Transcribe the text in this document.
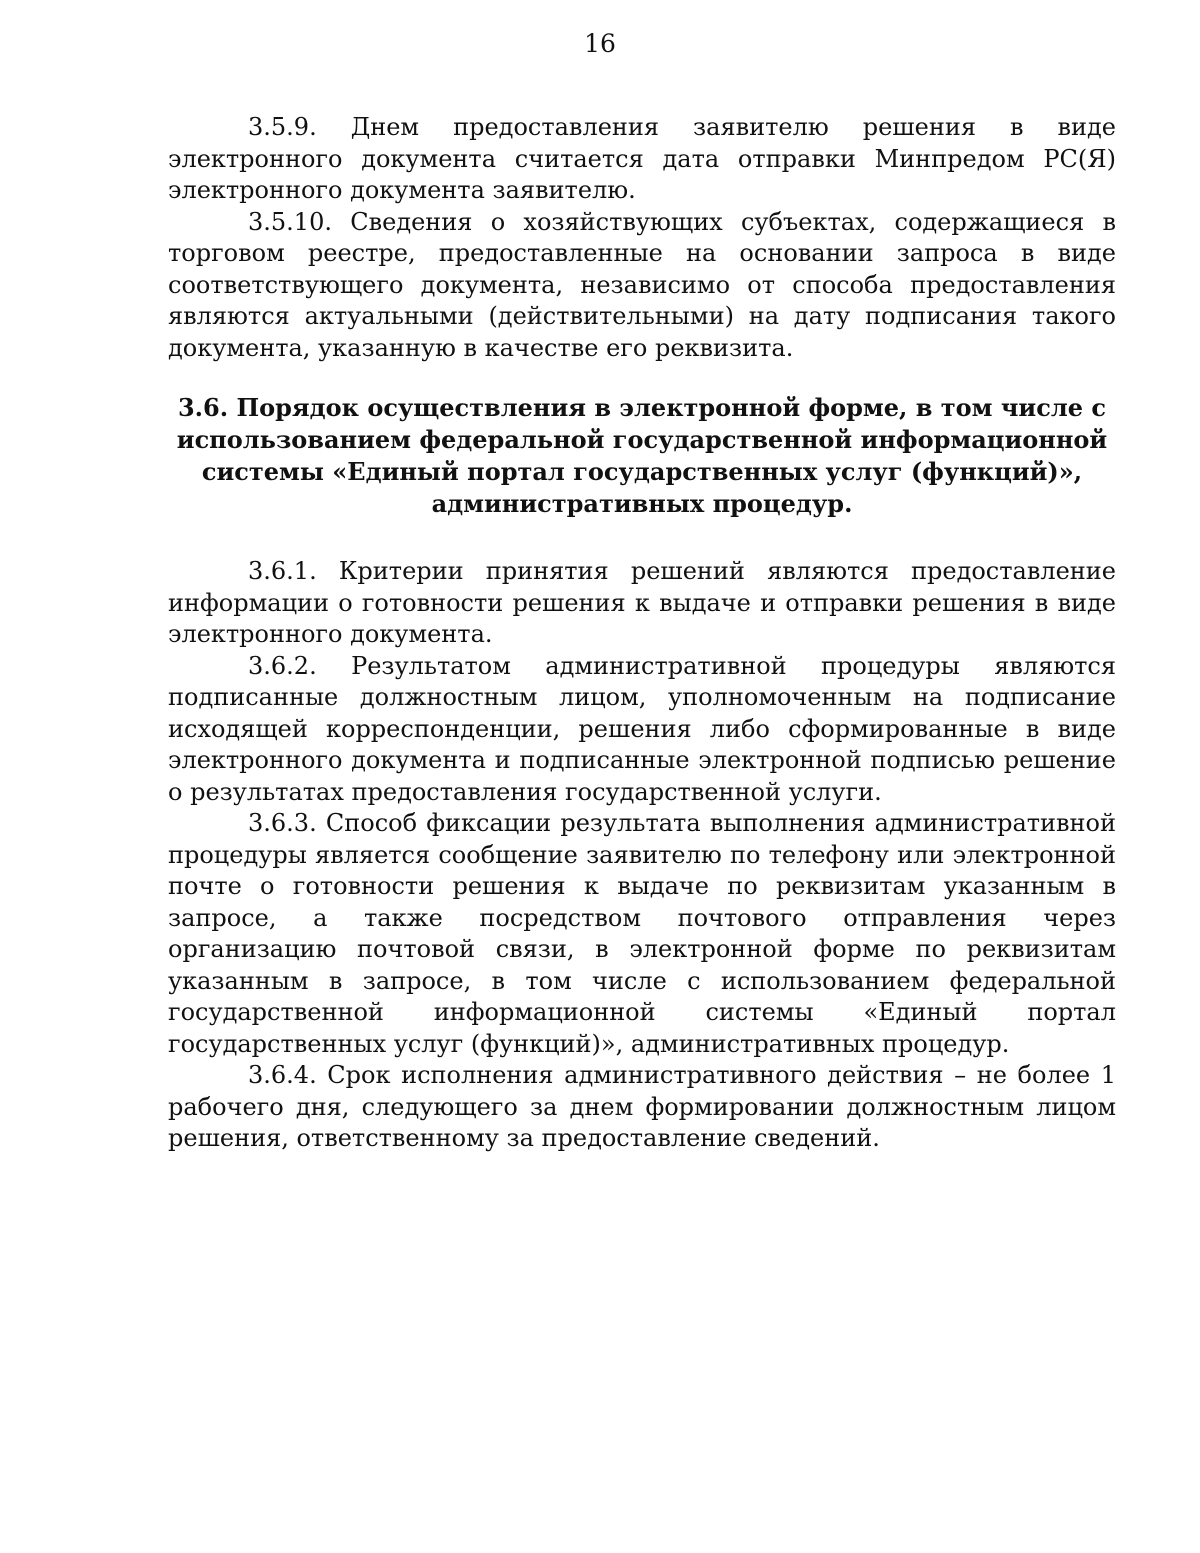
16

3.5.9. Днем предоставления заявителю решения в виде электронного документа считается дата отправки Минпредом РС(Я) электронного документа заявителю.

3.5.10. Сведения о хозяйствующих субъектах, содержащиеся в торговом реестре, предоставленные на основании запроса в виде соответствующего документа, независимо от способа предоставления являются актуальными (действительными) на дату подписания такого документа, указанную в качестве его реквизита.

3.6. Порядок осуществления в электронной форме, в том числе с использованием федеральной государственной информационной системы «Единый портал государственных услуг (функций)», административных процедур.

3.6.1. Критерии принятия решений являются предоставление информации о готовности решения к выдаче и отправки решения в виде электронного документа.

3.6.2. Результатом административной процедуры являются подписанные должностным лицом, уполномоченным на подписание исходящей корреспонденции, решения либо сформированные в виде электронного документа и подписанные электронной подписью решение о результатах предоставления государственной услуги.

3.6.3. Способ фиксации результата выполнения административной процедуры является сообщение заявителю по телефону или электронной почте о готовности решения к выдаче по реквизитам указанным в запросе, а также посредством почтового отправления через организацию почтовой связи, в электронной форме по реквизитам указанным в запросе, в том числе с использованием федеральной государственной информационной системы «Единый портал государственных услуг (функций)», административных процедур.

3.6.4. Срок исполнения административного действия – не более 1 рабочего дня, следующего за днем формировании должностным лицом решения, ответственному за предоставление сведений.
